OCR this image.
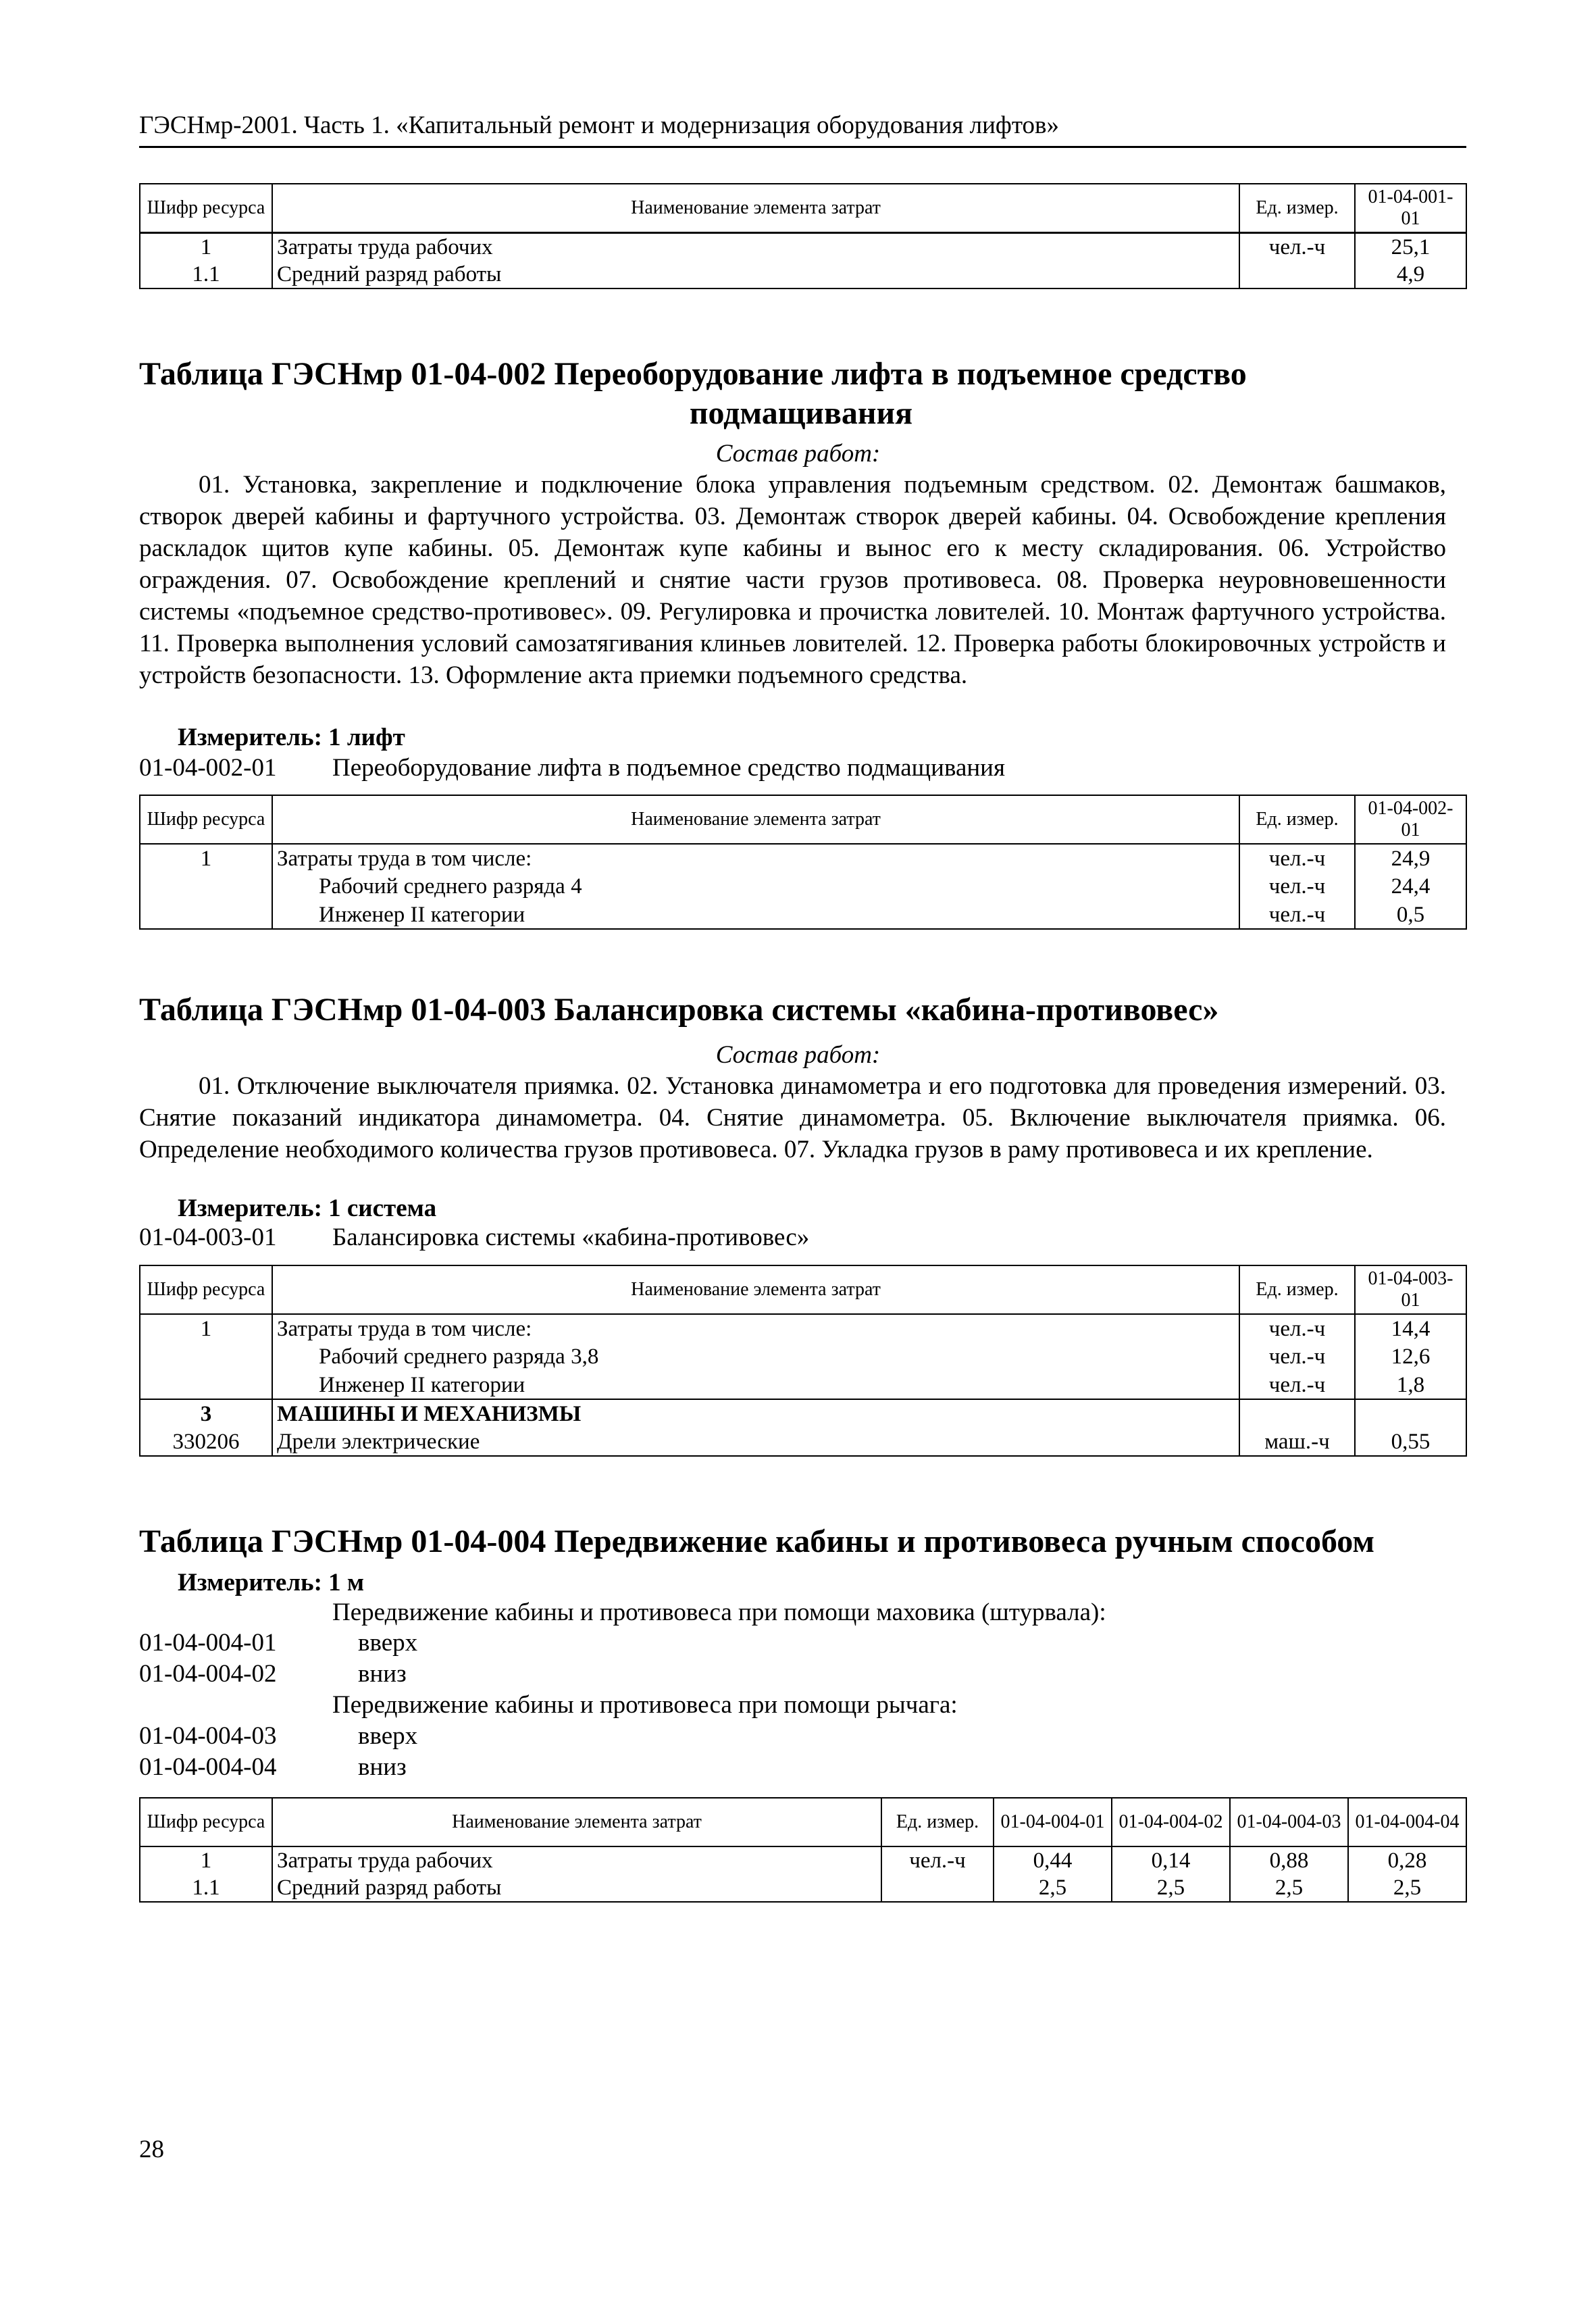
ГЭСНмр-2001. Часть 1. «Капитальный ремонт и модернизация оборудования лифтов»
Шифр ресурса	Наименование элемента затрат	Ед. измер.	01-04-001-01
1	Затраты труда рабочих	чел.-ч	25,1
1.1	Средний разряд работы		4,9
Таблица ГЭСНмр 01-04-002 Переоборудование лифта в подъемное средство
подмащивания
Состав работ:
01. Установка, закрепление и подключение блока управления подъемным средством. 02. Демонтаж башмаков, створок дверей кабины и фартучного устройства. 03. Демонтаж створок дверей кабины. 04. Освобождение крепления раскладок щитов купе кабины. 05. Демонтаж купе кабины и вынос его к месту складирования. 06. Устройство ограждения. 07. Освобождение креплений и снятие части грузов противовеса. 08. Проверка неуровновешенности системы «подъемное средство-противовес». 09. Регулировка и прочистка ловителей. 10. Монтаж фартучного устройства. 11. Проверка выполнения условий самозатягивания клиньев ловителей. 12. Проверка работы блокировочных устройств и устройств безопасности. 13. Оформление акта приемки подъемного средства.
Измеритель: 1 лифт
01-04-002-01 Переоборудование лифта в подъемное средство подмащивания
Шифр ресурса	Наименование элемента затрат	Ед. измер.	01-04-002-01
1	Затраты труда в том числе:	чел.-ч	24,9
	Рабочий среднего разряда 4	чел.-ч	24,4
	Инженер II категории	чел.-ч	0,5
Таблица ГЭСНмр 01-04-003 Балансировка системы «кабина-противовес»
Состав работ:
01. Отключение выключателя приямка. 02. Установка динамометра и его подготовка для проведения измерений. 03. Снятие показаний индикатора динамометра. 04. Снятие динамометра. 05. Включение выключателя приямка. 06. Определение необходимого количества грузов противовеса. 07. Укладка грузов в раму противовеса и их крепление.
Измеритель: 1 система
01-04-003-01 Балансировка системы «кабина-противовес»
Шифр ресурса	Наименование элемента затрат	Ед. измер.	01-04-003-01
1	Затраты труда в том числе:	чел.-ч	14,4
	Рабочий среднего разряда 3,8	чел.-ч	12,6
	Инженер II категории	чел.-ч	1,8
3	МАШИНЫ И МЕХАНИЗМЫ		
330206	Дрели электрические	маш.-ч	0,55
Таблица ГЭСНмр 01-04-004 Передвижение кабины и противовеса ручным способом
Измеритель: 1 м
Передвижение кабины и противовеса при помощи маховика (штурвала):
01-04-004-01	вверх
01-04-004-02	вниз
Передвижение кабины и противовеса при помощи рычага:
01-04-004-03	вверх
01-04-004-04	вниз
Шифр ресурса	Наименование элемента затрат	Ед. измер.	01-04-004-01	01-04-004-02	01-04-004-03	01-04-004-04
1	Затраты труда рабочих	чел.-ч	0,44	0,14	0,88	0,28
1.1	Средний разряд работы		2,5	2,5	2,5	2,5
28
